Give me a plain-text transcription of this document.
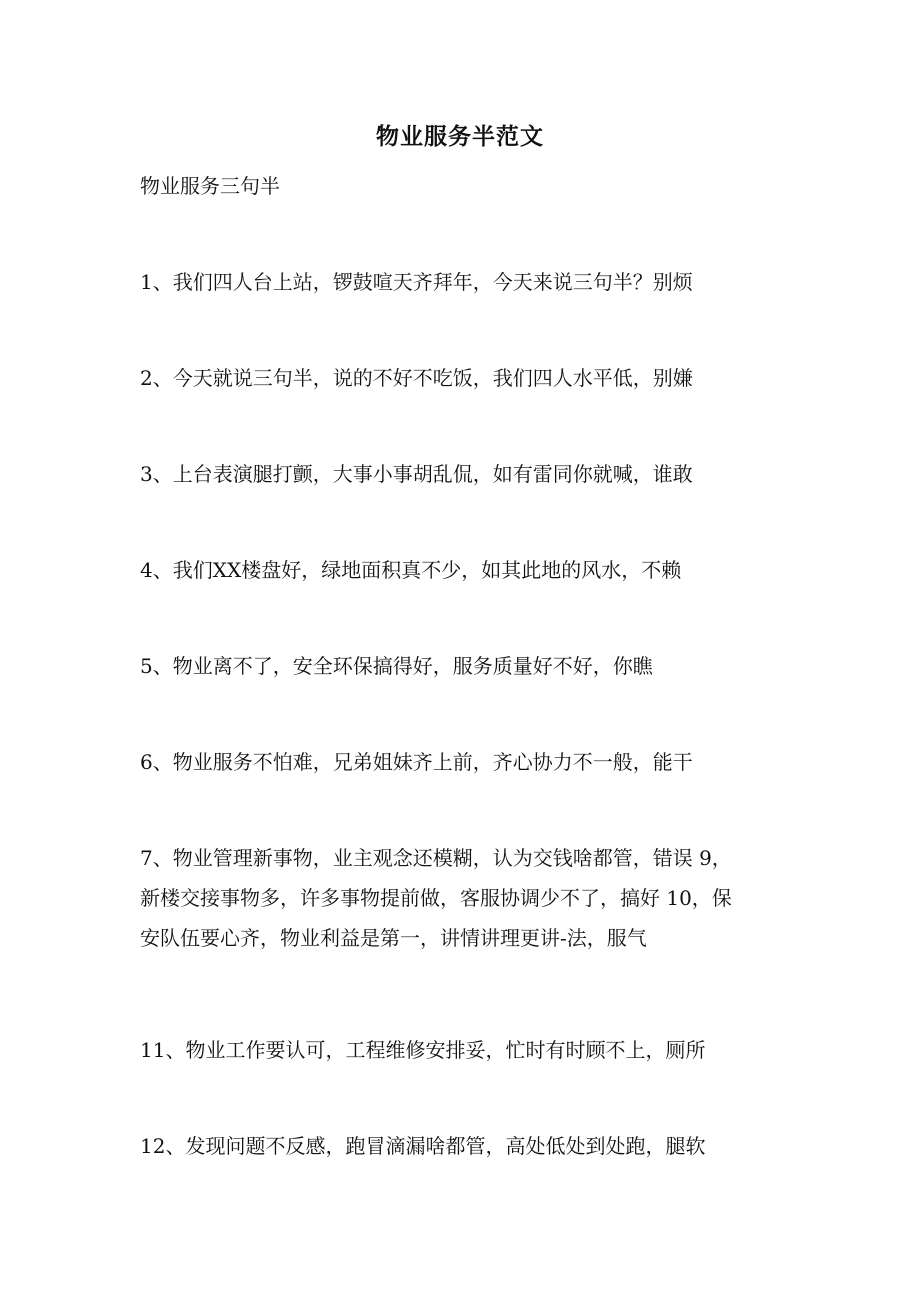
物业服务半范文
物业服务三句半
1、我们四人台上站，锣鼓喧天齐拜年，今天来说三句半？别烦
2、今天就说三句半，说的不好不吃饭，我们四人水平低，别嫌
3、上台表演腿打颤，大事小事胡乱侃，如有雷同你就喊，谁敢
4、我们XX楼盘好，绿地面积真不少，如其此地的风水，不赖
5、物业离不了，安全环保搞得好，服务质量好不好，你瞧
6、物业服务不怕难，兄弟姐妹齐上前，齐心协力不一般，能干
7、物业管理新事物，业主观念还模糊，认为交钱啥都管，错误 9，
新楼交接事物多，许多事物提前做，客服协调少不了，搞好 10，保
安队伍要心齐，物业利益是第一，讲情讲理更讲-法，服气
11、物业工作要认可，工程维修安排妥，忙时有时顾不上，厕所
12、发现问题不反感，跑冒滴漏啥都管，高处低处到处跑，腿软
